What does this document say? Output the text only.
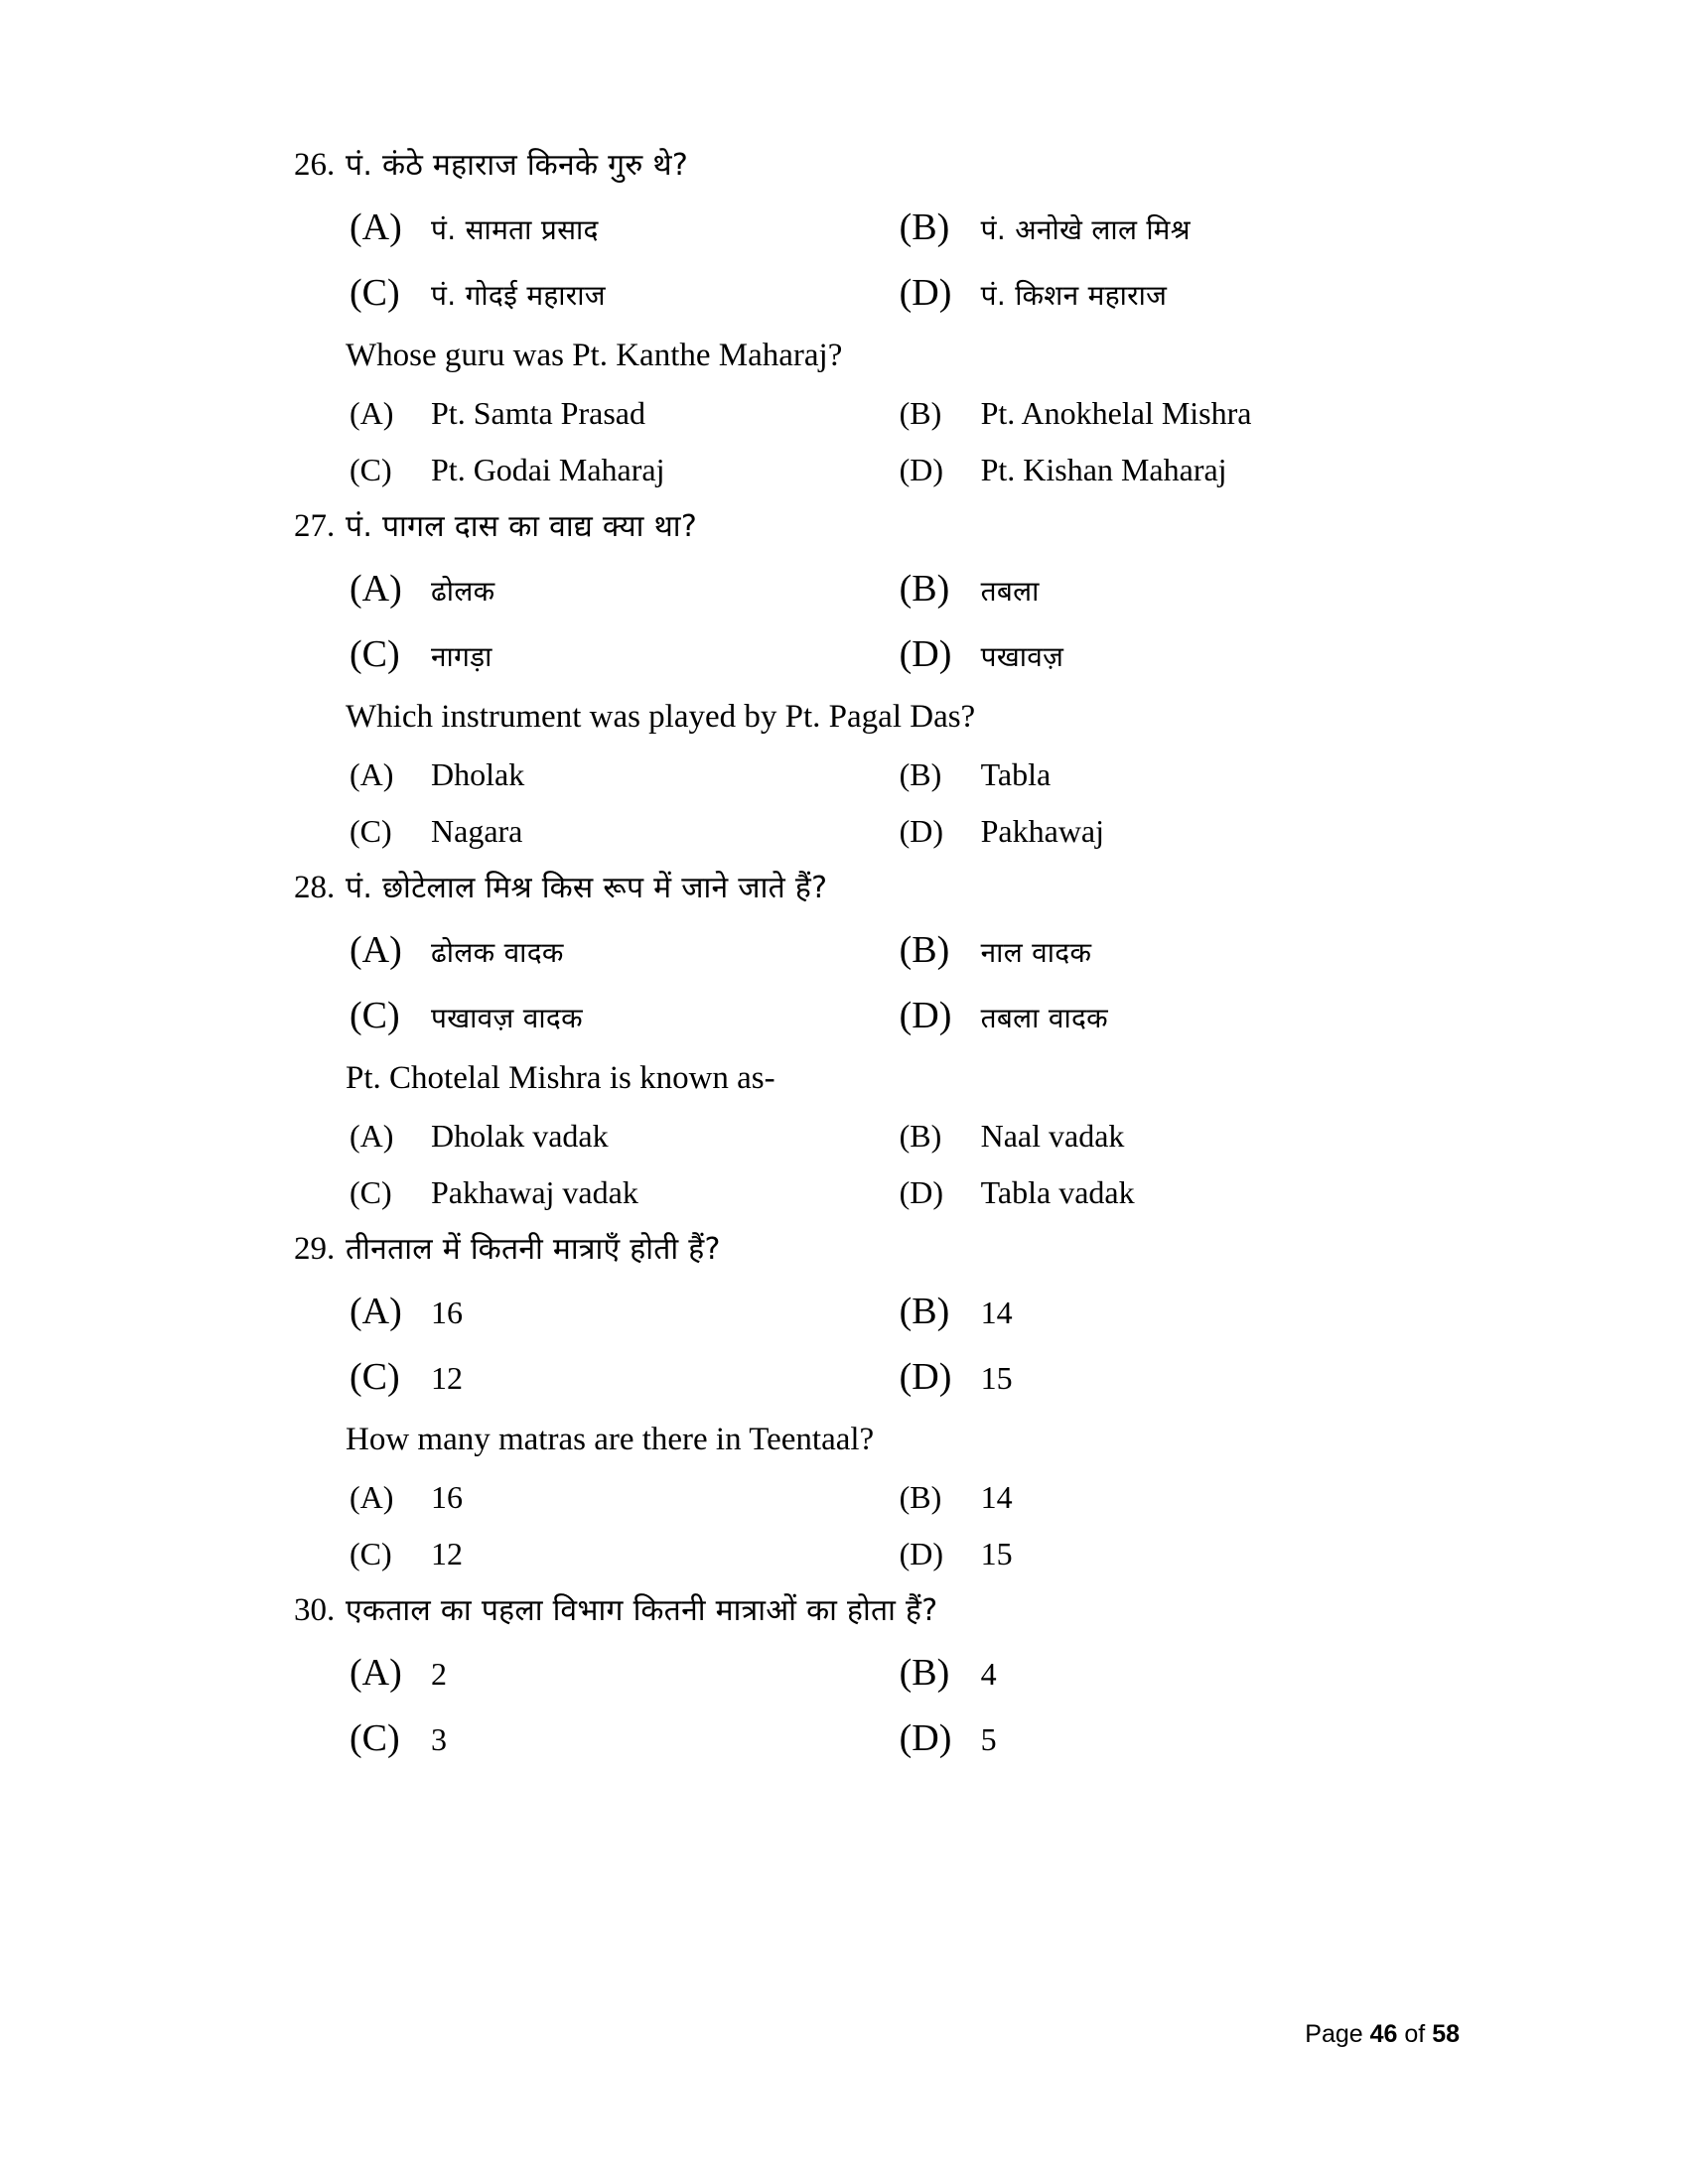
26. पं. कंठे महाराज किनके गुरु थे?
(A)	पं. सामता प्रसाद	(B)	पं. अनोखे लाल मिश्र
(C)	पं. गोदई महाराज	(D)	पं. किशन महाराज
Whose guru was Pt. Kanthe Maharaj?
(A)	Pt. Samta Prasad	(B)	Pt. Anokhelal Mishra
(C)	Pt. Godai Maharaj	(D)	Pt. Kishan Maharaj
27. पं. पागल दास का वाद्य क्या था?
(A)	ढोलक	(B)	तबला
(C)	नागड़ा	(D)	पखावज़
Which instrument was played by Pt. Pagal Das?
(A)	Dholak	(B)	Tabla
(C)	Nagara	(D)	Pakhawaj
28. पं. छोटेलाल मिश्र किस रूप में जाने जाते हैं?
(A)	ढोलक वादक	(B)	नाल वादक
(C)	पखावज़ वादक	(D)	तबला वादक
Pt. Chotelal Mishra is known as-
(A)	Dholak vadak	(B)	Naal vadak
(C)	Pakhawaj vadak	(D)	Tabla vadak
29. तीनताल में कितनी मात्राएँ होती हैं?
(A) 16	(B) 14
(C) 12	(D) 15
How many matras are there in Teentaal?
(A)	16	(B)	14
(C)	12	(D)	15
30. एकताल का पहला विभाग कितनी मात्राओं का होता हैं?
(A) 2	(B) 4
(C) 3	(D) 5
Page 46 of 58
